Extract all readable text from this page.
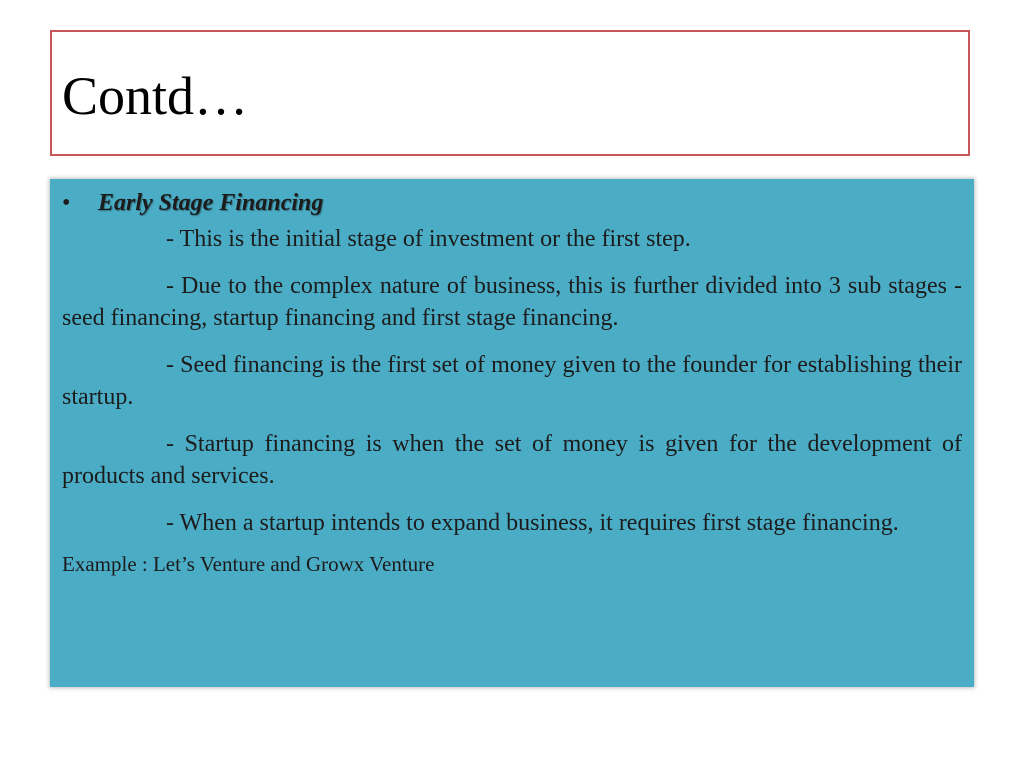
Contd…
• Early Stage Financing

- This is the initial stage of investment or the first step.

- Due to the complex nature of business, this is further divided into 3 sub stages - seed financing, startup financing and first stage financing.

- Seed financing is the first set of money given to the founder for establishing their startup.

- Startup financing is when the set of money is given for the development of products and services.

- When a startup intends to expand business, it requires first stage financing.

Example : Let’s Venture and Growx Venture
